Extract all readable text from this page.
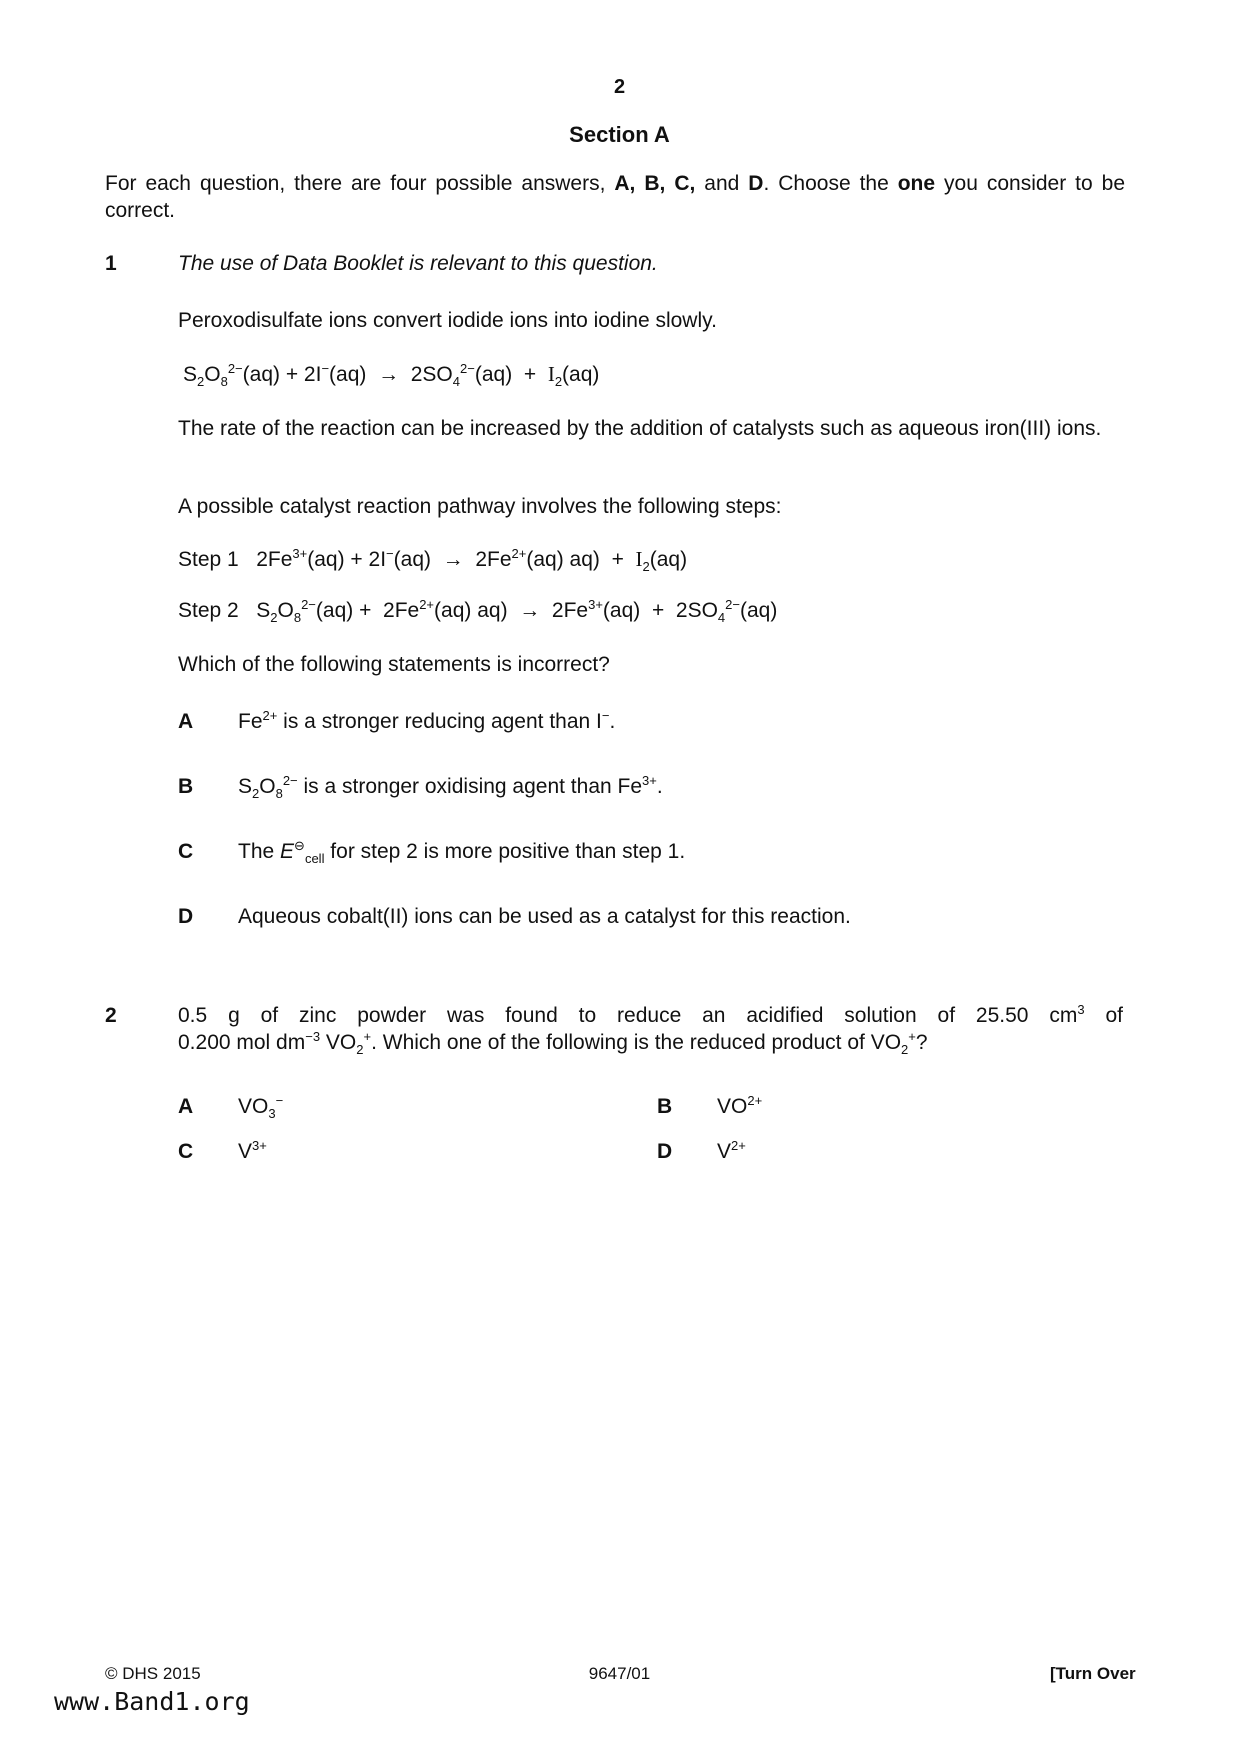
2
Section A
For each question, there are four possible answers, A, B, C, and D. Choose the one you consider to be correct.
1	The use of Data Booklet is relevant to this question.
Peroxodisulfate ions convert iodide ions into iodine slowly.
$S_2O_8^{2-}(aq) + 2I^-(aq) \to 2SO_4^{2-}(aq) + I_2(aq)$
The rate of the reaction can be increased by the addition of catalysts such as aqueous iron(III) ions.
A possible catalyst reaction pathway involves the following steps:
Step 1 $2Fe^{3+}(aq) + 2I^-(aq) \to 2Fe^{2+}(aq) aq) + I_2(aq)$
Step 2 $S_2O_8^{2-}(aq) + 2Fe^{2+}(aq) aq) \to 2Fe^{3+}(aq) + 2SO_4^{2-}(aq)$
Which of the following statements is incorrect?
A $Fe^{2+}$ is a stronger reducing agent than I−.
B $S_2O_8^{2-}$ is a stronger oxidising agent than $Fe^{3+}$.
C The $E^⊖_{cell}$ for step 2 is more positive than step 1.
D Aqueous cobalt(II) ions can be used as a catalyst for this reaction.
2	0.5 g of zinc powder was found to reduce an acidified solution of 25.50 $cm^3$ of
0.200 mol $dm^{-3}$ $VO_2^+$. Which one of the following is the reduced product of $VO_2^+$?
A $VO_3^-$	B $VO^{2+}$
C $V^{3+}$	D $V^{2+}$
© DHS 2015	9647/01	[Turn Over
www.Band1.org
